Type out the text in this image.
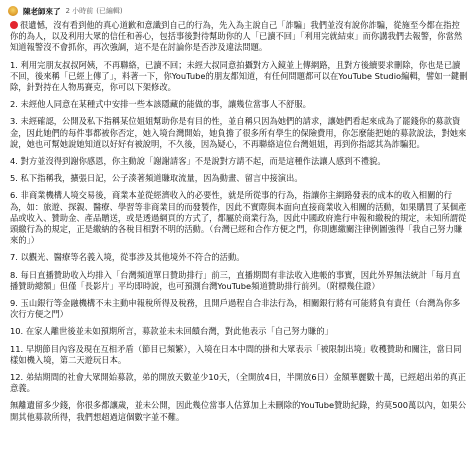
陳老師來了 2 小時前 (已編輯)

很遺憾，沒有看到他的真心道歉和意識到自己的行為，先入為主說自己「詐騙」我們並沒有說你詐騙，從施至今都在指控你的為人，以及利用大眾的信任和善心，包括事後對待幫助你的人「已讀不回」「利用完就結束」而你講我們去報警，你當然知道報警沒不會抓你，再次強調，這不是在討論你是否涉及違法問題。

1. 利用完朋友叔叔阿姨，不再聯絡，已讀不回；未經大叔同意拍攝對方入鏡並上傳網路，且對方後續要求刪除，你也是已讀不回，後來稱「已經上傳了」，料著一下，你YouTube的朋友都知道，有任何問題都可以在YouTube Studio編輯，譬如一鍵刪除，針對持在人物馬賽克，你可以下架修改。

2. 未經他人同意在某種式中安排一些本該隱藏的能做的事，讓幾位當事人不舒服。

3. 未經確認，公開及私下指稱某位姐姐幫助你是有目的性，並自稱只因為她們的請求，讓她們看起來成為了罷錢你的募款資金，因此她們的每件事都被你否定，她入境台灣開始，她負擔了很多所有學生的保險費用，你怎麼能把她的募款說法，對她來說，她也可幫她說她知道以好好有被說明，不久後，因為疑心，不再聯絡這位台灣姐姐，再到你指認其為詐騙犯。

4. 對方並沒得到謝你感恩，你主動說「謝謝請客」不是說對方請不起，而是這種作法讓人感到不禮貌。

5. 私下指稱我，擴張日記，公子湊著頻道賺取流量，因為動畫、留言中接演出。

6. 非商業機構人境交易後，商業本並從經濟收入的必要性，就是所從事的行為，指讓你主網路發表的成本的收入相關的行為，如：旅遊、探親、醫療、學習等非商業目的而發製作，因此不實際與本面向直接商業收入相關的活動，如果購買了某個產品或收入、贊助金、產品贈送，或是透過網頁的方式了，都屬於商業行為，因此中國政府進行申報和繳稅的規定，未知所謂從頭繳行為的規定，正是繳納的各稅目相對不明的活動。（台灣已經和合作方便之門，你則應繳關注律例圖強得「我自己努力賺來的」）

7. 以觀光、醫療等名義入境，從事涉及其他境外不符合的活動。

8. 每日直播贊助收入均排入「台灣頻道單日贊助排行」前三，直播期間有非法收入進帳的事實，因此外界無法統計「每月直播贊助總額」但僅「長影片」平均即時說，也可預測台灣YouTube頻道贊助排行前列。（附標幾住證）

9. 玉山銀行等金融機構不未主動申報稅所得及稅務，且開戶過程自合非法行為，相關銀行將有可能將負有責任（台灣為你多次行方便之門）

10. 在家人離世後並未如預期所言，募款並未未回饋台灣，對此他表示「自己努力賺的」

11. 早期節目內容及現在互相矛盾（節目已頻繁），入境在日本中間的掛和大眾表示「被限制出境」收穫贊助和關注，當日同樣如機入境，第二天遊玩日本。

12. 弟結期間的社會大眾開始募款，弟的開放天數並少10天，（全開放4日，半開放6日）金額華麗數十萬，已經超出弟的真正意義。

無離遺留多少錢，你很多都讓歲，並未公開，因此幾位當事人估算加上未刪除的YouTube贊助紀錄，約莫500萬以內，如果公開其他募款所得，我們想超過這個數字並不難。
